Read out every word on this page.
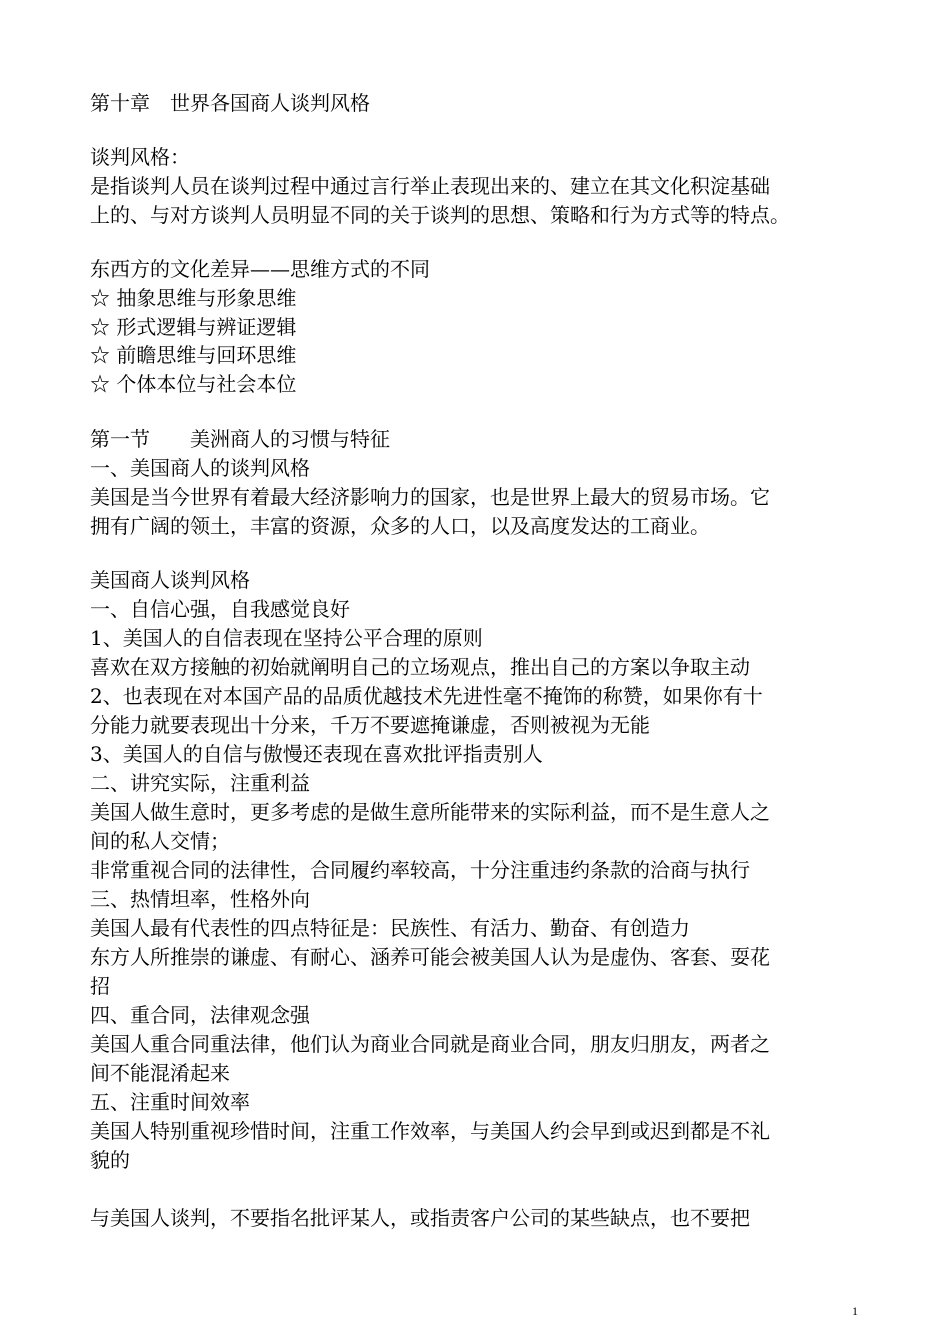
第十章　世界各国商人谈判风格
谈判风格：
是指谈判人员在谈判过程中通过言行举止表现出来的、建立在其文化积淀基础
上的、与对方谈判人员明显不同的关于谈判的思想、策略和行为方式等的特点。
东西方的文化差异——思维方式的不同
☆ 抽象思维与形象思维
☆ 形式逻辑与辨证逻辑
☆ 前瞻思维与回环思维
☆ 个体本位与社会本位
第一节　　美洲商人的习惯与特征
一、美国商人的谈判风格
美国是当今世界有着最大经济影响力的国家，也是世界上最大的贸易市场。它
拥有广阔的领土，丰富的资源，众多的人口，以及高度发达的工商业。
美国商人谈判风格
一、自信心强，自我感觉良好
1、美国人的自信表现在坚持公平合理的原则
喜欢在双方接触的初始就阐明自己的立场观点，推出自己的方案以争取主动
2、也表现在对本国产品的品质优越技术先进性毫不掩饰的称赞，如果你有十
分能力就要表现出十分来，千万不要遮掩谦虚，否则被视为无能
3、美国人的自信与傲慢还表现在喜欢批评指责别人
二、讲究实际，注重利益
美国人做生意时，更多考虑的是做生意所能带来的实际利益，而不是生意人之
间的私人交情；
非常重视合同的法律性，合同履约率较高，十分注重违约条款的洽商与执行
三、热情坦率，性格外向
美国人最有代表性的四点特征是：民族性、有活力、勤奋、有创造力
东方人所推崇的谦虚、有耐心、涵养可能会被美国人认为是虚伪、客套、耍花
招
四、重合同，法律观念强
美国人重合同重法律，他们认为商业合同就是商业合同，朋友归朋友，两者之
间不能混淆起来
五、注重时间效率
美国人特别重视珍惜时间，注重工作效率，与美国人约会早到或迟到都是不礼
貌的
与美国人谈判，不要指名批评某人，或指责客户公司的某些缺点，也不要把
1
